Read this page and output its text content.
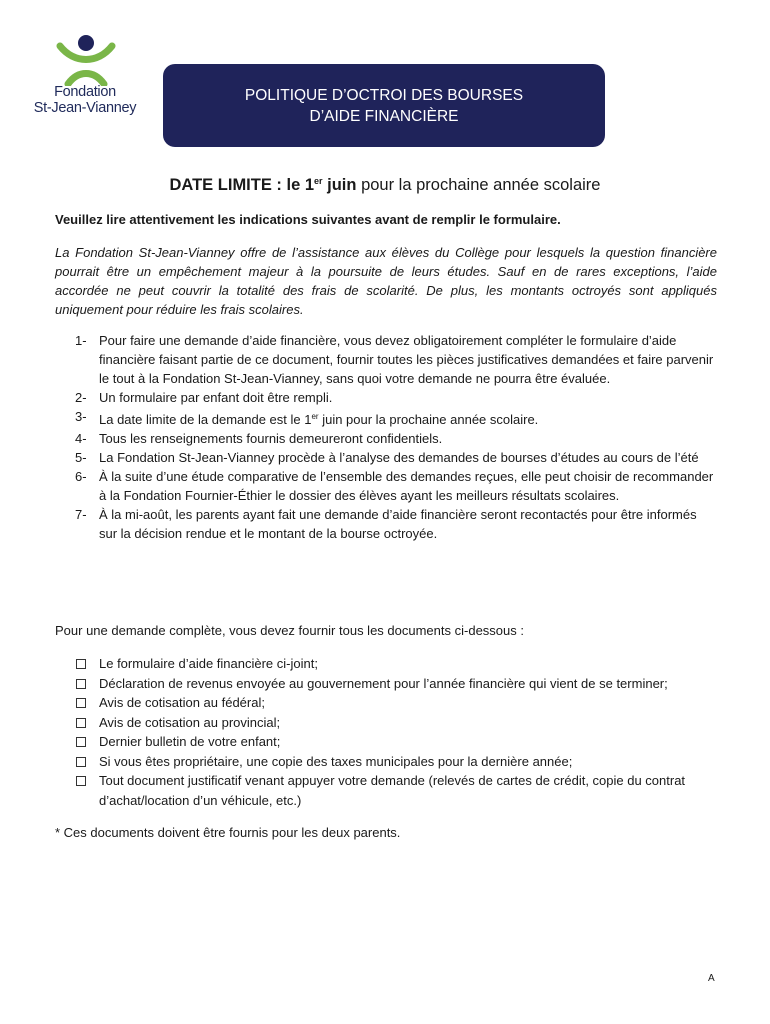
Fondation
St-Jean-Vianney
POLITIQUE D’OCTROI DES BOURSES
D’AIDE FINANCIÈRE
DATE LIMITE : le 1er juin pour la prochaine année scolaire
Veuillez lire attentivement les indications suivantes avant de remplir le formulaire.
La Fondation St-Jean-Vianney offre de l’assistance aux élèves du Collège pour lesquels la question financière
pourrait être un empêchement majeur à la poursuite de leurs études. Sauf en de rares exceptions, l’aide
accordée ne peut couvrir la totalité des frais de scolarité. De plus, les montants octroyés sont appliqués
uniquement pour réduire les frais scolaires.
1- Pour faire une demande d’aide financière, vous devez obligatoirement compléter le formulaire d’aide financière faisant partie de ce document, fournir toutes les pièces justificatives demandées et faire parvenir le tout à la Fondation St-Jean-Vianney, sans quoi votre demande ne pourra être évaluée.
2- Un formulaire par enfant doit être rempli.
3- La date limite de la demande est le 1er juin pour la prochaine année scolaire.
4- Tous les renseignements fournis demeureront confidentiels.
5- La Fondation St-Jean-Vianney procède à l’analyse des demandes de bourses d’études au cours de l’été
6- À la suite d’une étude comparative de l’ensemble des demandes reçues, elle peut choisir de recommander à la Fondation Fournier-Éthier le dossier des élèves ayant les meilleurs résultats scolaires.
7- À la mi-août, les parents ayant fait une demande d’aide financière seront recontactés pour être informés sur la décision rendue et le montant de la bourse octroyée.
Pour une demande complète, vous devez fournir tous les documents ci-dessous :
Le formulaire d’aide financière ci-joint;
Déclaration de revenus envoyée au gouvernement pour l’année financière qui vient de se terminer;
Avis de cotisation au fédéral;
Avis de cotisation au provincial;
Dernier bulletin de votre enfant;
Si vous êtes propriétaire, une copie des taxes municipales pour la dernière année;
Tout document justificatif venant appuyer votre demande (relevés de cartes de crédit, copie du contrat d’achat/location d’un véhicule, etc.)
* Ces documents doivent être fournis pour les deux parents.
A
